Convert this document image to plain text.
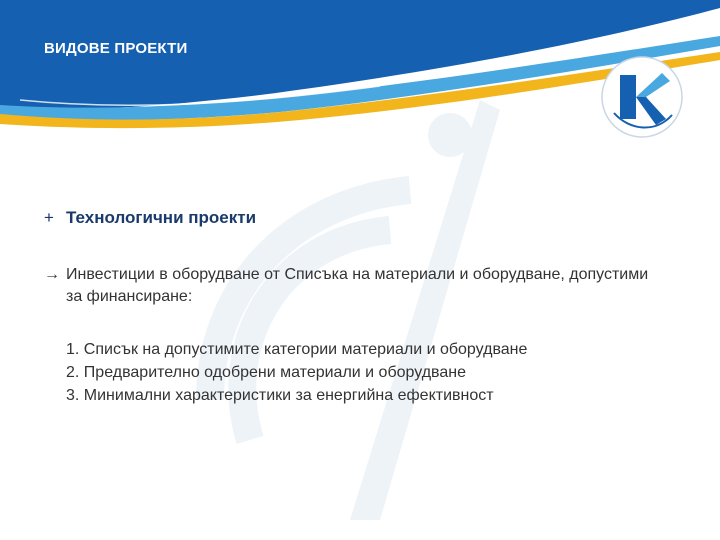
ВИДОВЕ ПРОЕКТИ
+ Технологични проекти
→ Инвестиции в оборудване от Списъка на материали и оборудване, допустими за финансиране:
1. Списък на допустимите категории материали и оборудване
2. Предварително одобрени материали и оборудване
3. Минимални характеристики за енергийна ефективност
